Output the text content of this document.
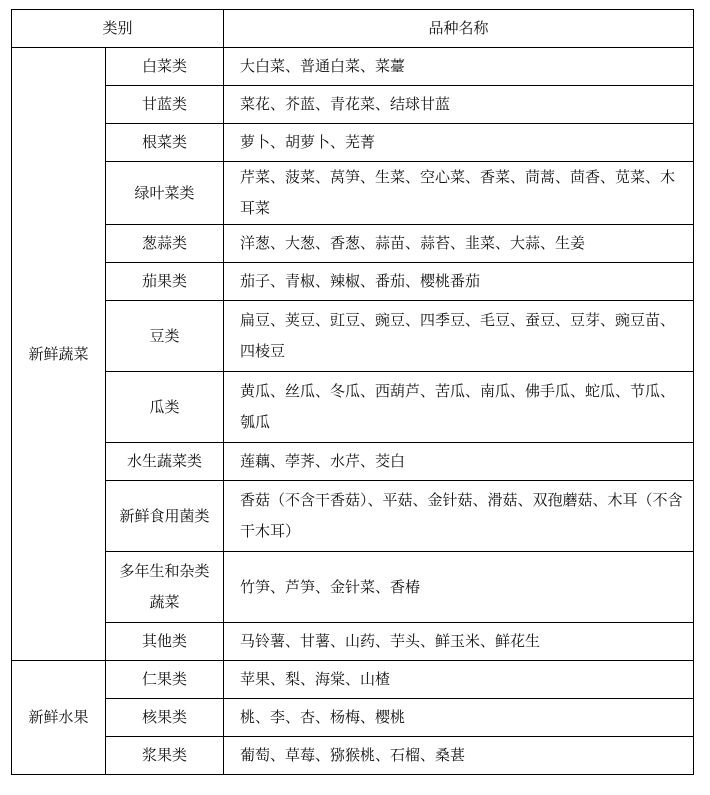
类别		品种名称
新鲜蔬菜	白菜类	大白菜、普通白菜、菜薹
	甘蓝类	菜花、芥蓝、青花菜、结球甘蓝
	根菜类	萝卜、胡萝卜、芜菁
	绿叶菜类	芹菜、菠菜、莴笋、生菜、空心菜、香菜、茼蒿、茴香、苋菜、木耳菜
	葱蒜类	洋葱、大葱、香葱、蒜苗、蒜苔、韭菜、大蒜、生姜
	茄果类	茄子、青椒、辣椒、番茄、樱桃番茄
	豆类	扁豆、荚豆、豇豆、豌豆、四季豆、毛豆、蚕豆、豆芽、豌豆苗、四棱豆
	瓜类	黄瓜、丝瓜、冬瓜、西葫芦、苦瓜、南瓜、佛手瓜、蛇瓜、节瓜、瓠瓜
	水生蔬菜类	莲藕、荸荠、水芹、茭白
	新鲜食用菌类	香菇（不含干香菇）、平菇、金针菇、滑菇、双孢蘑菇、木耳（不含干木耳）
	多年生和杂类蔬菜	竹笋、芦笋、金针菜、香椿
	其他类	马铃薯、甘薯、山药、芋头、鲜玉米、鲜花生
新鲜水果	仁果类	苹果、梨、海棠、山楂
	核果类	桃、李、杏、杨梅、樱桃
	浆果类	葡萄、草莓、猕猴桃、石榴、桑葚
